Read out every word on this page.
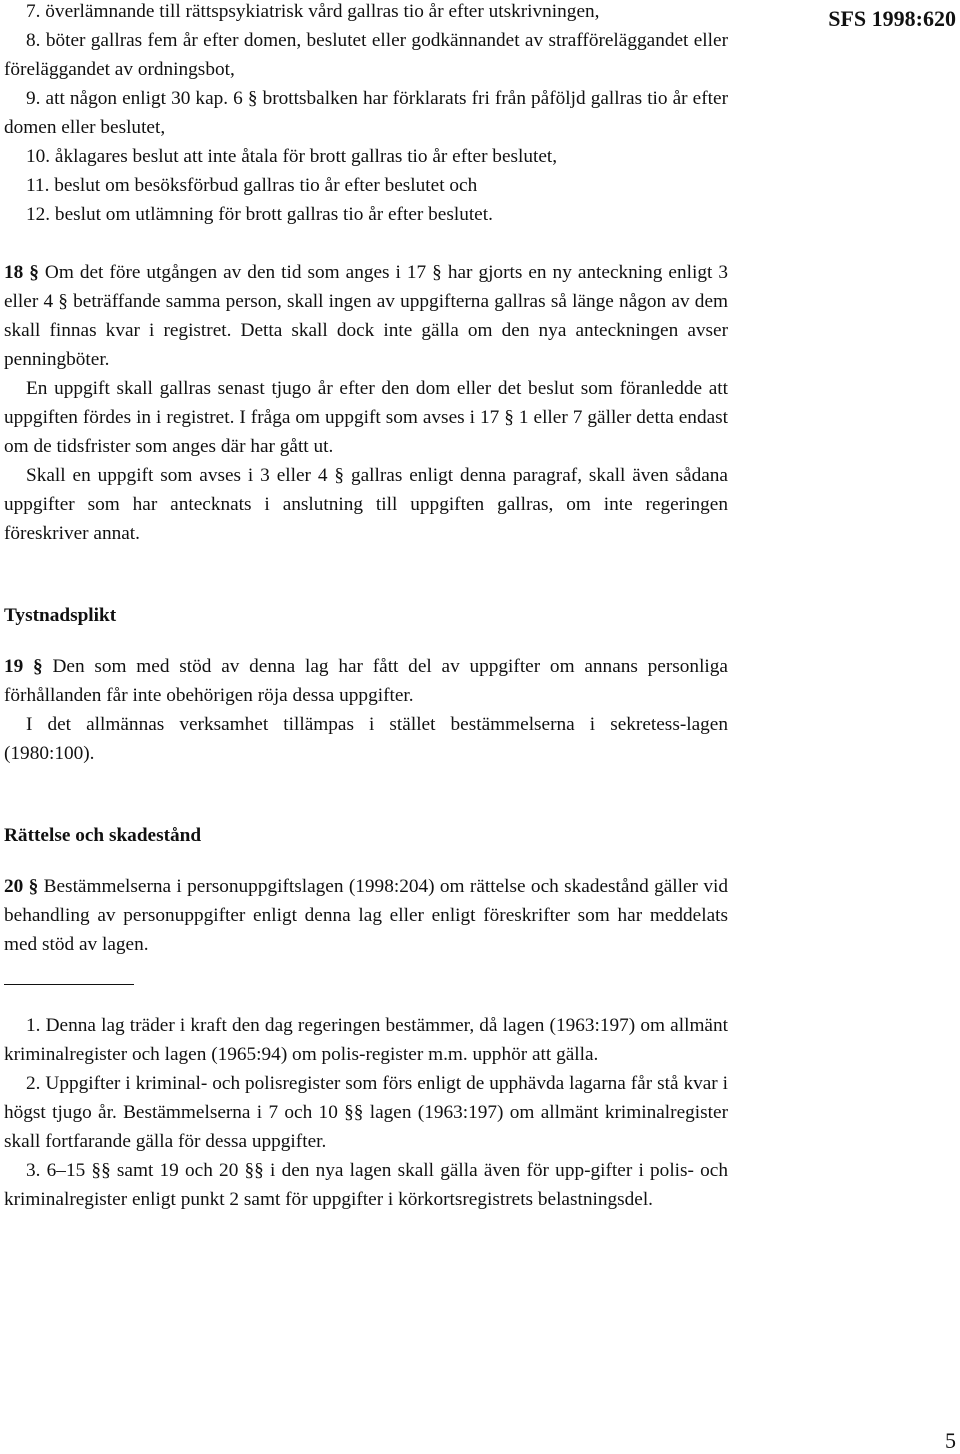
SFS 1998:620

7. överlämnande till rättspsykiatrisk vård gallras tio år efter utskrivningen,

8. böter gallras fem år efter domen, beslutet eller godkännandet av strafföreläggandet eller föreläggandet av ordningsbot,

9. att någon enligt 30 kap. 6 § brottsbalken har förklarats fri från påföljd gallras tio år efter domen eller beslutet,

10. åklagares beslut att inte åtala för brott gallras tio år efter beslutet,

11. beslut om besöksförbud gallras tio år efter beslutet och

12. beslut om utlämning för brott gallras tio år efter beslutet.

18 § Om det före utgången av den tid som anges i 17 § har gjorts en ny anteckning enligt 3 eller 4 § beträffande samma person, skall ingen av uppgifterna gallras så länge någon av dem skall finnas kvar i registret. Detta skall dock inte gälla om den nya anteckningen avser penningböter.

En uppgift skall gallras senast tjugo år efter den dom eller det beslut som föranledde att uppgiften fördes in i registret. I fråga om uppgift som avses i 17 § 1 eller 7 gäller detta endast om de tidsfrister som anges där har gått ut.

Skall en uppgift som avses i 3 eller 4 § gallras enligt denna paragraf, skall även sådana uppgifter som har antecknats i anslutning till uppgiften gallras, om inte regeringen föreskriver annat.

Tystnadsplikt

19 § Den som med stöd av denna lag har fått del av uppgifter om annans personliga förhållanden får inte obehörigen röja dessa uppgifter.

I det allmännas verksamhet tillämpas i stället bestämmelserna i sekretess-lagen (1980:100).

Rättelse och skadestånd

20 § Bestämmelserna i personuppgiftslagen (1998:204) om rättelse och skadestånd gäller vid behandling av personuppgifter enligt denna lag eller enligt föreskrifter som har meddelats med stöd av lagen.

1. Denna lag träder i kraft den dag regeringen bestämmer, då lagen (1963:197) om allmänt kriminalregister och lagen (1965:94) om polis-register m.m. upphör att gälla.

2. Uppgifter i kriminal- och polisregister som förs enligt de upphävda lagarna får stå kvar i högst tjugo år. Bestämmelserna i 7 och 10 §§ lagen (1963:197) om allmänt kriminalregister skall fortfarande gälla för dessa uppgifter.

3. 6–15 §§ samt 19 och 20 §§ i den nya lagen skall gälla även för upp-gifter i polis- och kriminalregister enligt punkt 2 samt för uppgifter i körkortsregistrets belastningsdel.

5
